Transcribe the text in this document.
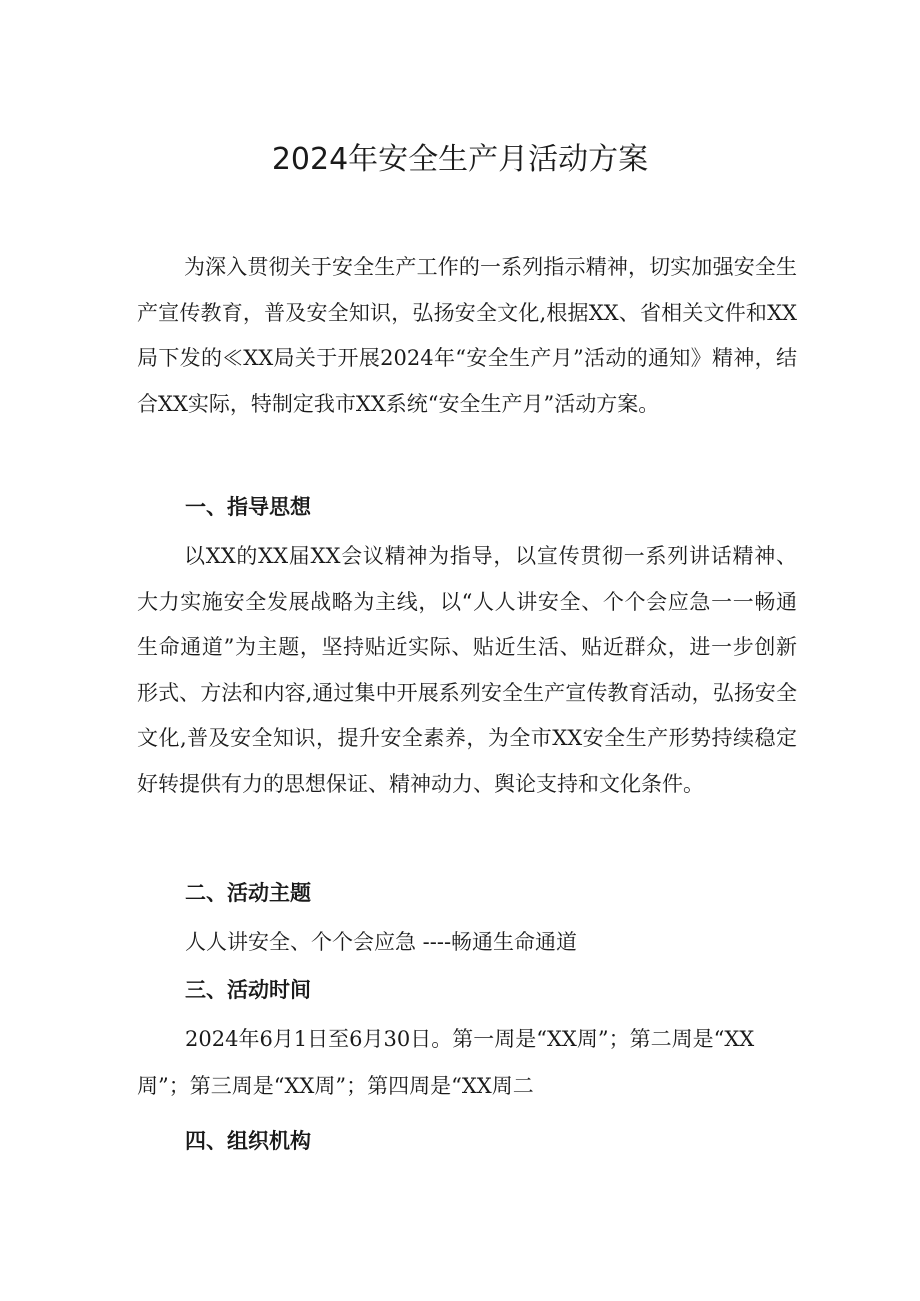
2024年安全生产月活动方案

为深入贯彻关于安全生产工作的一系列指示精神，切实加强安全生产宣传教育，普及安全知识，弘扬安全文化,根据XX、省相关文件和XX局下发的≪XX局关于开展2024年“安全生产月”活动的通知》精神，结合XX实际，特制定我市XX系统“安全生产月”活动方案。

一、指导思想

以XX的XX届XX会议精神为指导，以宣传贯彻一系列讲话精神、大力实施安全发展战略为主线，以“人人讲安全、个个会应急一一畅通生命通道”为主题，坚持贴近实际、贴近生活、贴近群众，进一步创新形式、方法和内容,通过集中开展系列安全生产宣传教育活动，弘扬安全文化,普及安全知识，提升安全素养，为全市XX安全生产形势持续稳定好转提供有力的思想保证、精神动力、舆论支持和文化条件。

二、活动主题

人人讲安全、个个会应急 ----畅通生命通道

三、活动时间

2024年6月1日至6月30日。第一周是“XX周”；第二周是“XX

周”；第三周是“XX周”；第四周是“XX周二

四、组织机构
